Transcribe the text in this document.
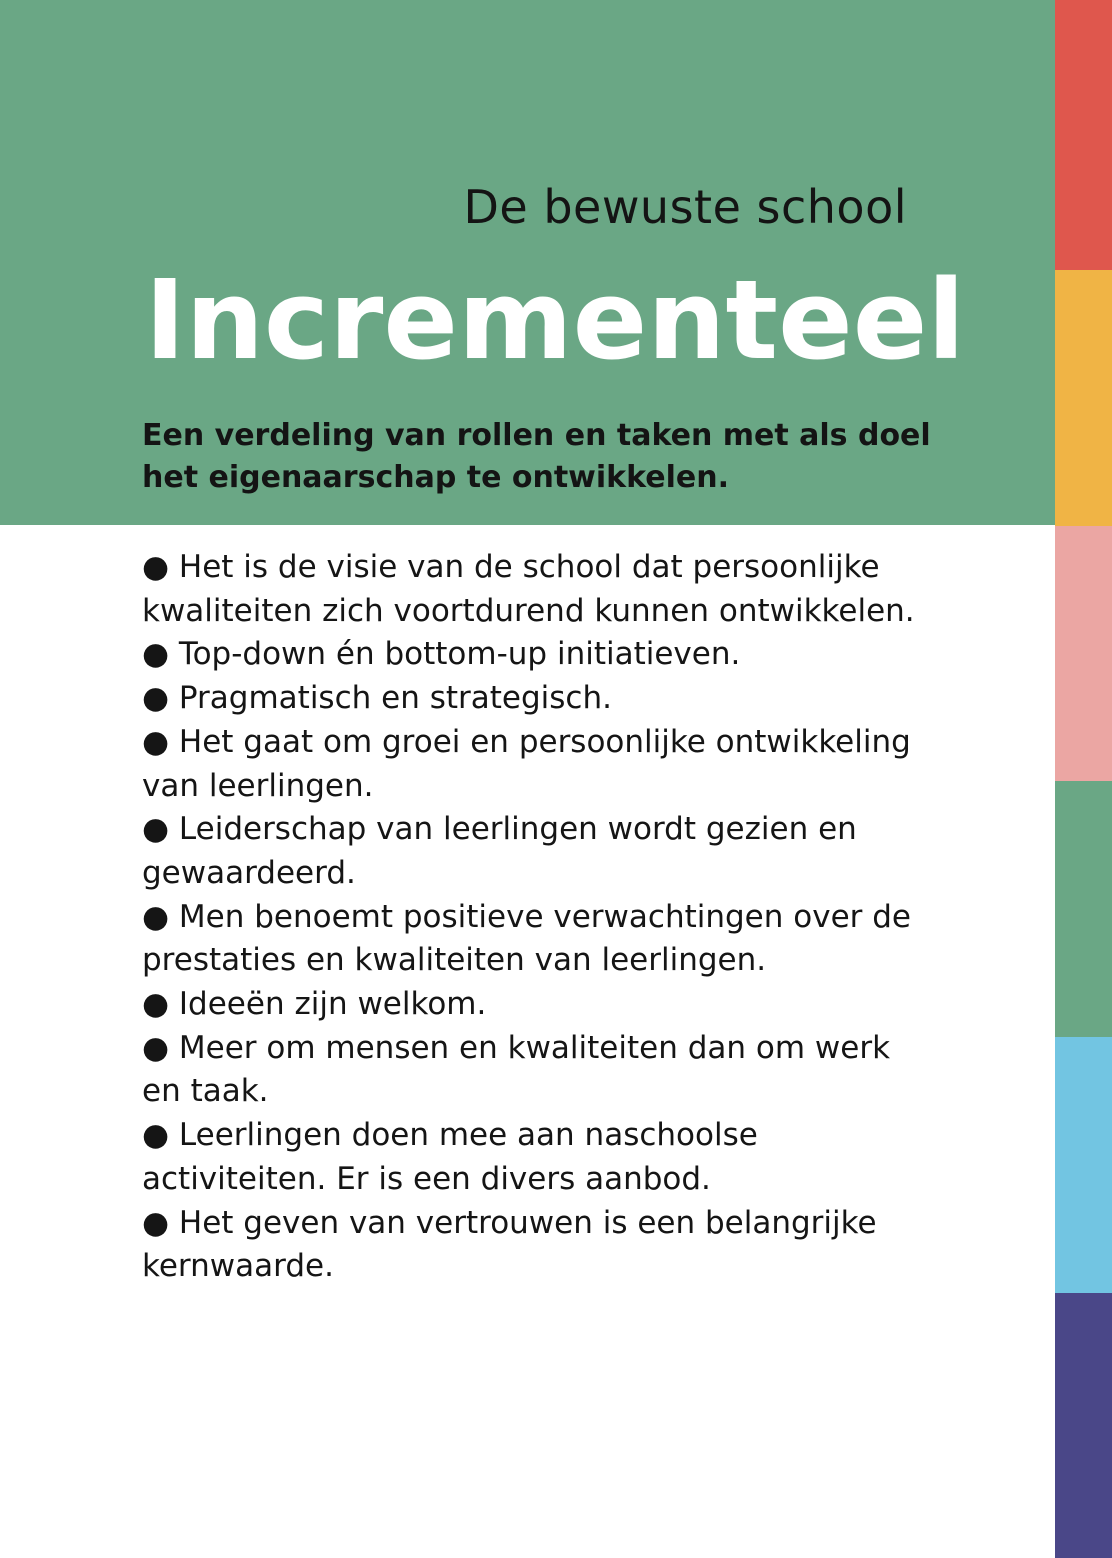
De bewuste school
Incrementeel

Een verdeling van rollen en taken met als doel
het eigenaarschap te ontwikkelen.

● Het is de visie van de school dat persoonlijke
kwaliteiten zich voortdurend kunnen ontwikkelen.
● Top-down én bottom-up initiatieven.
● Pragmatisch en strategisch.
● Het gaat om groei en persoonlijke ontwikkeling
van leerlingen.
● Leiderschap van leerlingen wordt gezien en
gewaardeerd.
● Men benoemt positieve verwachtingen over de
prestaties en kwaliteiten van leerlingen.
● Ideeën zijn welkom.
● Meer om mensen en kwaliteiten dan om werk
en taak.
● Leerlingen doen mee aan naschoolse
activiteiten. Er is een divers aanbod.
● Het geven van vertrouwen is een belangrijke
kernwaarde.
